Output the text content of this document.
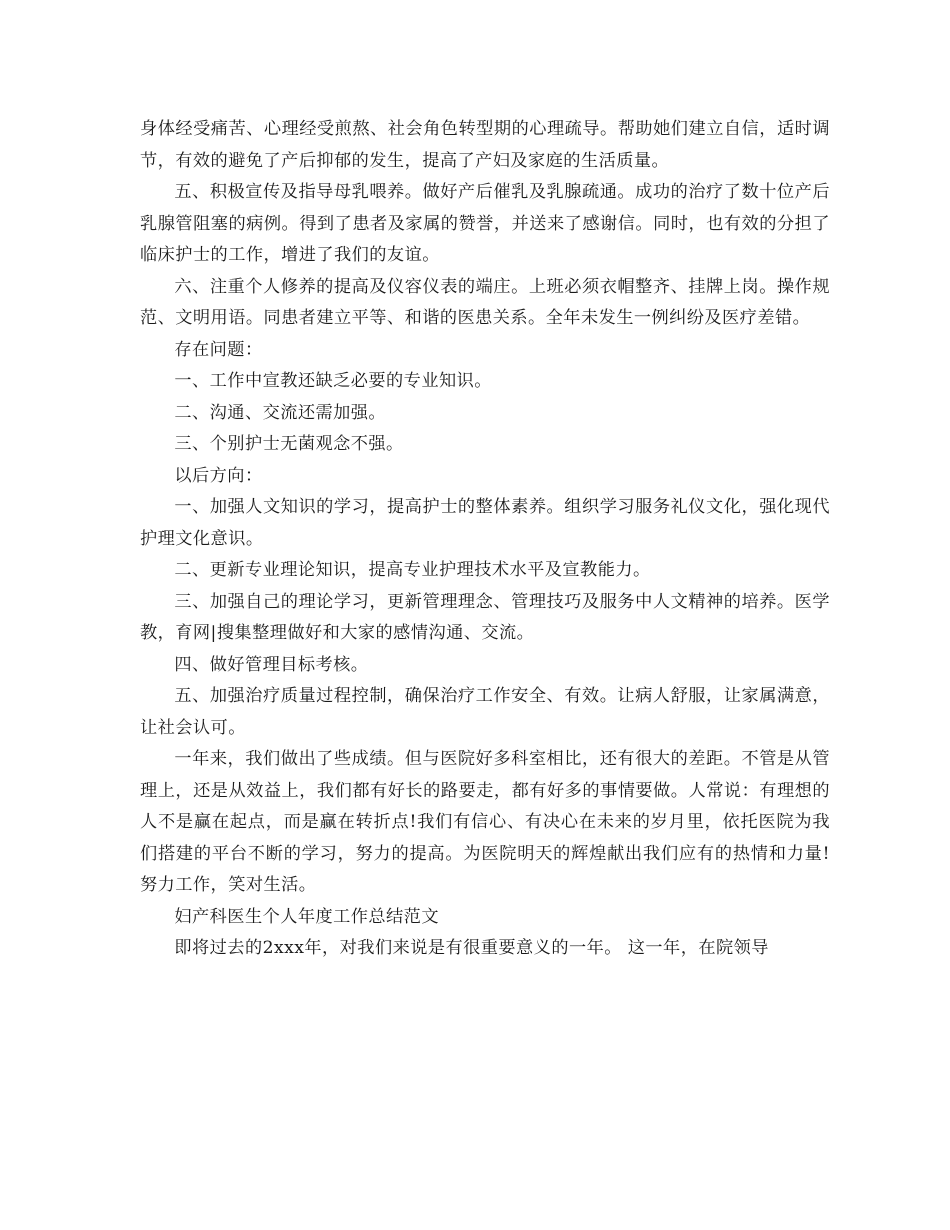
身体经受痛苦、心理经受煎熬、社会角色转型期的心理疏导。帮助她们建立自信，适时调节，有效的避免了产后抑郁的发生，提高了产妇及家庭的生活质量。

五、积极宣传及指导母乳喂养。做好产后催乳及乳腺疏通。成功的治疗了数十位产后乳腺管阻塞的病例。得到了患者及家属的赞誉，并送来了感谢信。同时，也有效的分担了临床护士的工作，增进了我们的友谊。

六、注重个人修养的提高及仪容仪表的端庄。上班必须衣帽整齐、挂牌上岗。操作规范、文明用语。同患者建立平等、和谐的医患关系。全年未发生一例纠纷及医疗差错。

存在问题：

一、工作中宣教还缺乏必要的专业知识。

二、沟通、交流还需加强。

三、个别护士无菌观念不强。

以后方向：

一、加强人文知识的学习，提高护士的整体素养。组织学习服务礼仪文化，强化现代护理文化意识。

二、更新专业理论知识，提高专业护理技术水平及宣教能力。

三、加强自己的理论学习，更新管理理念、管理技巧及服务中人文精神的培养。医学教，育网|搜集整理做好和大家的感情沟通、交流。

四、做好管理目标考核。

五、加强治疗质量过程控制，确保治疗工作安全、有效。让病人舒服，让家属满意，让社会认可。

一年来，我们做出了些成绩。但与医院好多科室相比，还有很大的差距。不管是从管理上，还是从效益上，我们都有好长的路要走，都有好多的事情要做。人常说：有理想的人不是赢在起点，而是赢在转折点!我们有信心、有决心在未来的岁月里，依托医院为我们搭建的平台不断的学习，努力的提高。为医院明天的辉煌献出我们应有的热情和力量!努力工作，笑对生活。

妇产科医生个人年度工作总结范文

即将过去的2xxx年，对我们来说是有很重要意义的一年。 这一年，在院领导
